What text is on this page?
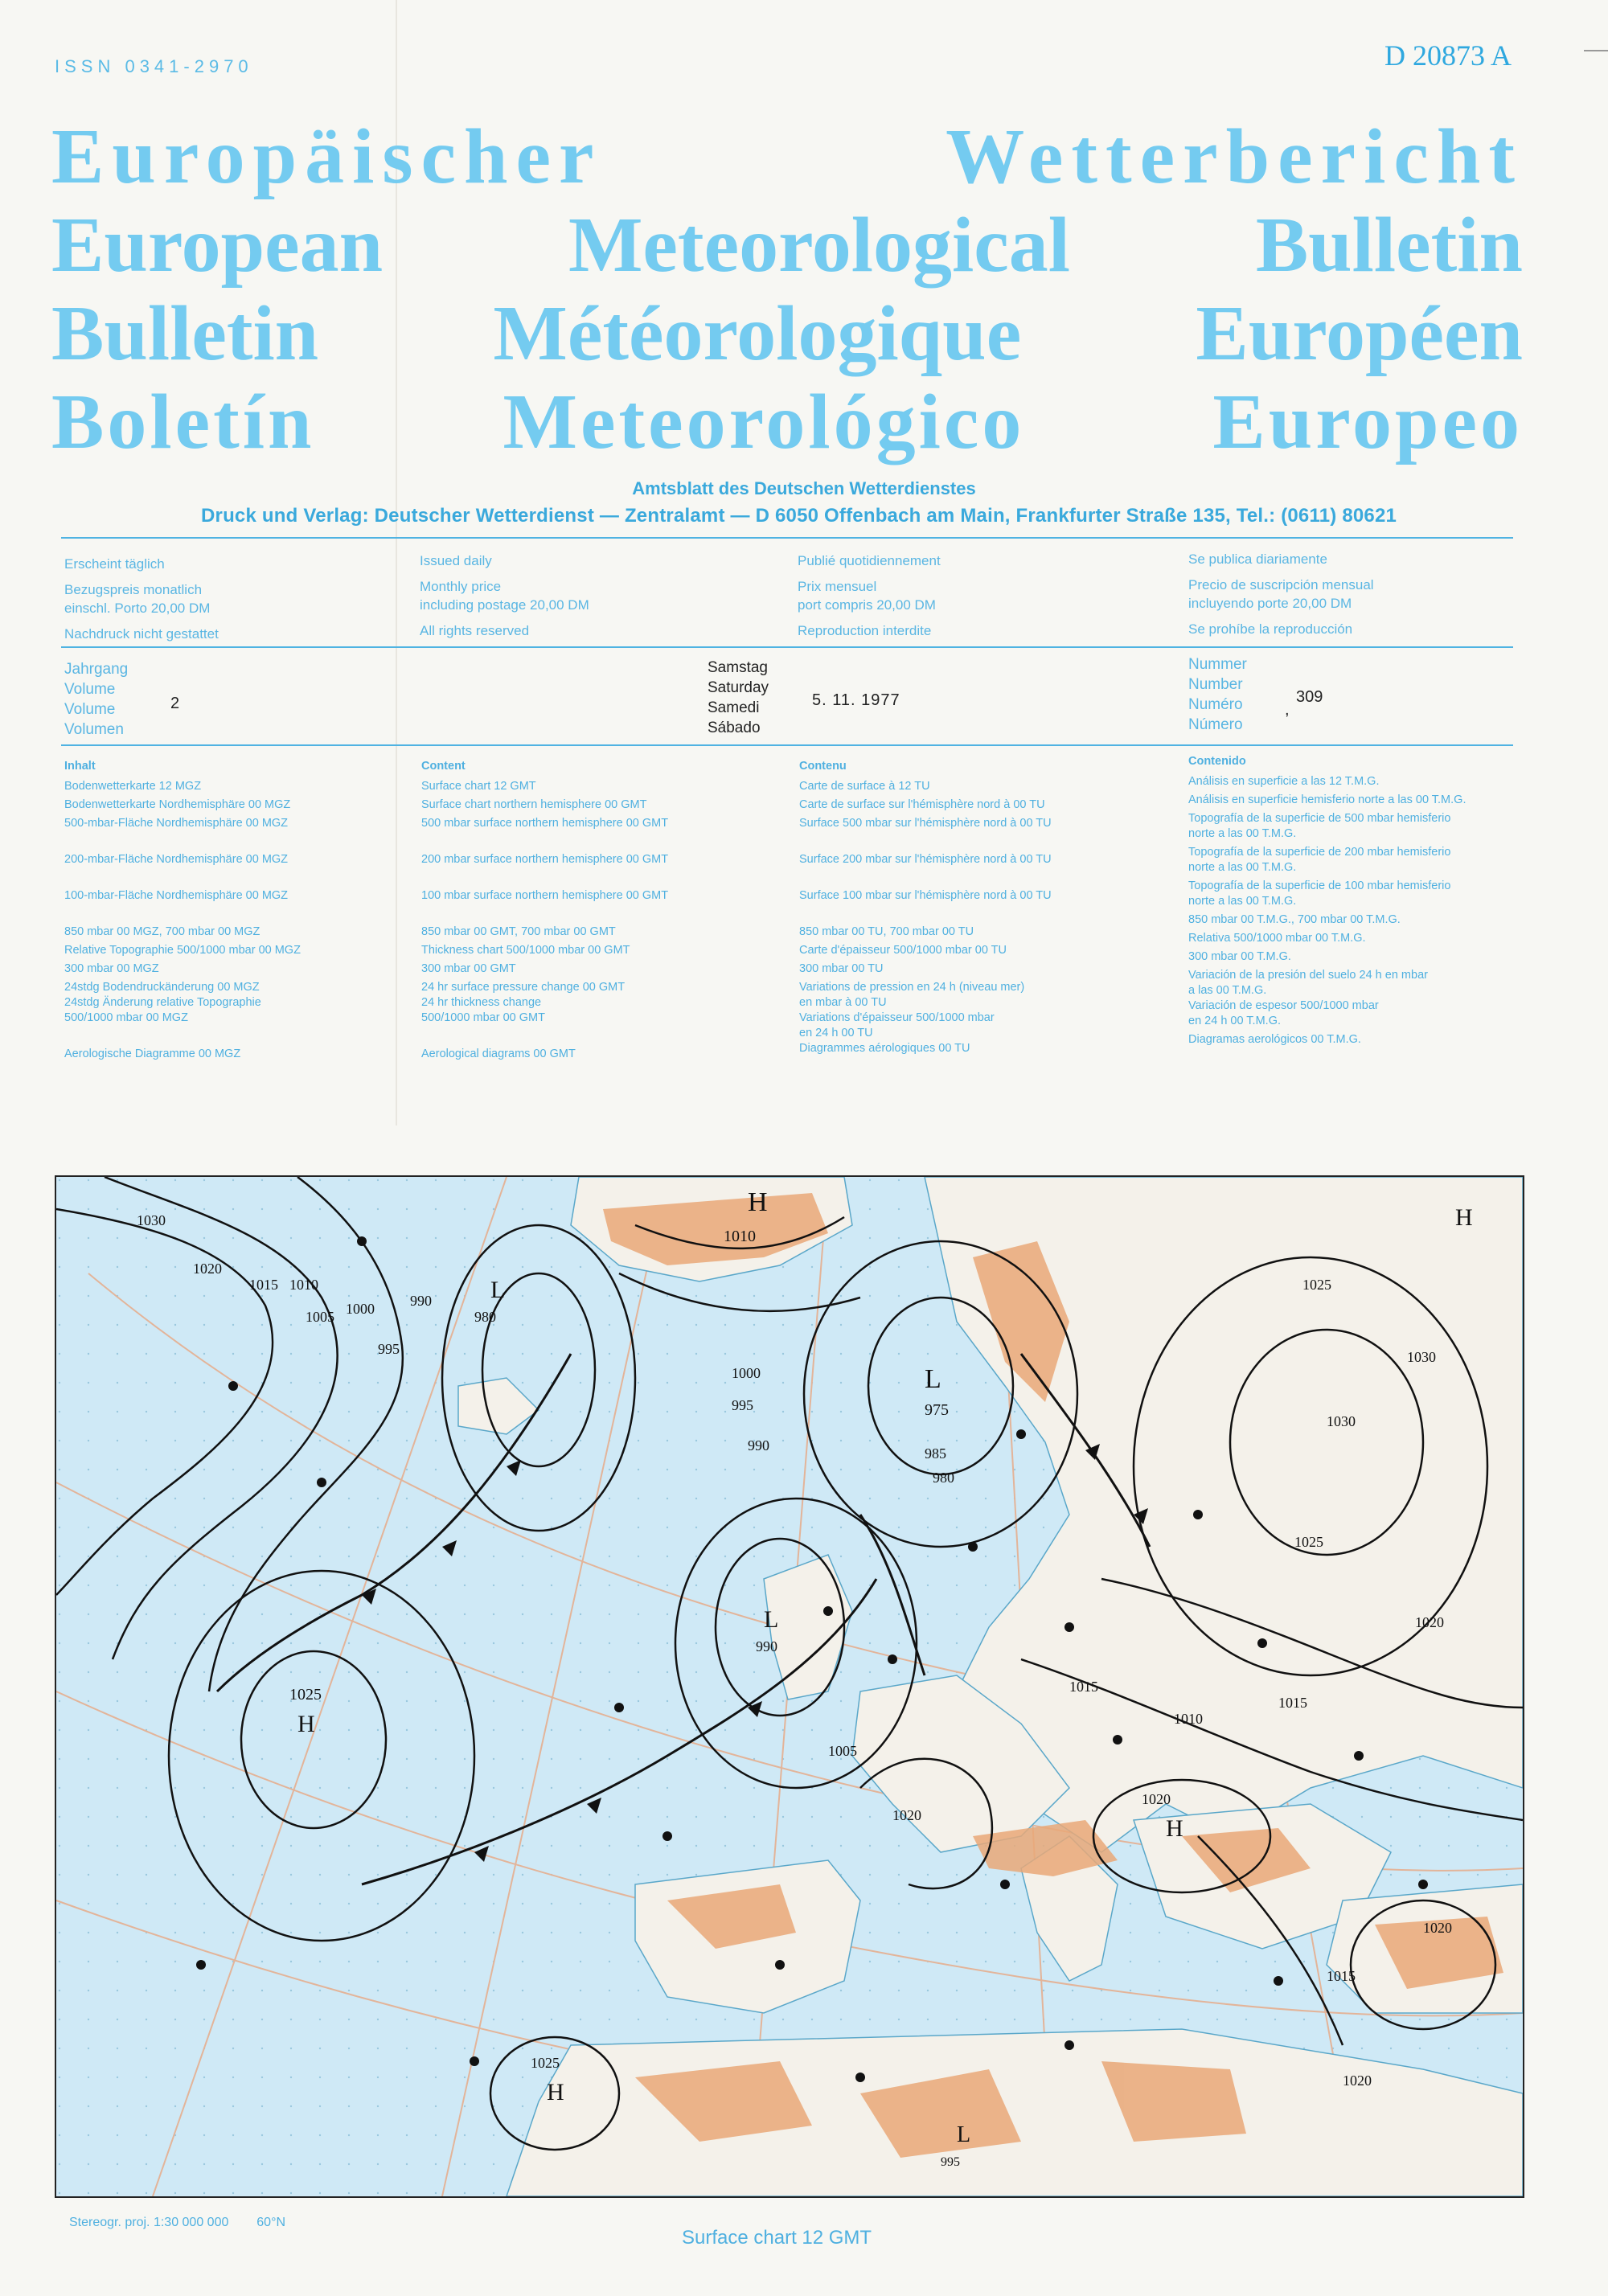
ISSN 0341-2970	D 20873 A
Europäischer	Wetterbericht
European Meteorological Bulletin
Bulletin Météorologique Européen
Boletín Meteorológico Europeo
Amtsblatt des Deutschen Wetterdienstes
Druck und Verlag: Deutscher Wetterdienst — Zentralamt — D 6050 Offenbach am Main, Frankfurter Straße 135, Tel.: (0611) 80621
Erscheint täglich
Bezugspreis monatlich
einschl. Porto 20,00 DM
Nachdruck nicht gestattet
Issued daily
Monthly price
including postage 20,00 DM
All rights reserved
Publié quotidiennement
Prix mensuel
port compris 20,00 DM
Reproduction interdite
Se publica diariamente
Precio de suscripción mensual
incluyendo porte 20,00 DM
Se prohíbe la reproducción
Jahrgang
Volume
Volume
Volumen
2
Samstag
Saturday
Samedi
Sábado
5. 11. 1977
Nummer
Number
Numéro
Número
309
,
Inhalt
Bodenwetterkarte 12 MGZ
Bodenwetterkarte Nordhemisphäre 00 MGZ
500-mbar-Fläche Nordhemisphäre 00 MGZ
200-mbar-Fläche Nordhemisphäre 00 MGZ
100-mbar-Fläche Nordhemisphäre 00 MGZ
850 mbar 00 MGZ, 700 mbar 00 MGZ
Relative Topographie 500/1000 mbar 00 MGZ
300 mbar 00 MGZ
24stdg Bodendruckänderung 00 MGZ
24stdg Änderung relative Topographie
500/1000 mbar 00 MGZ
Aerologische Diagramme 00 MGZ
Content
Surface chart 12 GMT
Surface chart northern hemisphere 00 GMT
500 mbar surface northern hemisphere 00 GMT
200 mbar surface northern hemisphere 00 GMT
100 mbar surface northern hemisphere 00 GMT
850 mbar 00 GMT, 700 mbar 00 GMT
Thickness chart 500/1000 mbar 00 GMT
300 mbar 00 GMT
24 hr surface pressure change 00 GMT
24 hr thickness change
500/1000 mbar 00 GMT
Aerological diagrams 00 GMT
Contenu
Carte de surface à 12 TU
Carte de surface sur l'hémisphère nord à 00 TU
Surface 500 mbar sur l'hémisphère nord à 00 TU
Surface 200 mbar sur l'hémisphère nord à 00 TU
Surface 100 mbar sur l'hémisphère nord à 00 TU
850 mbar 00 TU, 700 mbar 00 TU
Carte d'épaisseur 500/1000 mbar 00 TU
300 mbar 00 TU
Variations de pression en 24 h (niveau mer)
en mbar à 00 TU
Variations d'épaisseur 500/1000 mbar
en 24 h 00 TU
Diagrammes aérologiques 00 TU
Contenido
Análisis en superficie a las 12 T.M.G.
Análisis en superficie hemisferio norte a las 00 T.M.G.
Topografía de la superficie de 500 mbar hemisferio
norte a las 00 T.M.G.
Topografía de la superficie de 200 mbar hemisferio
norte a las 00 T.M.G.
Topografía de la superficie de 100 mbar hemisferio
norte a las 00 T.M.G.
850 mbar 00 T.M.G., 700 mbar 00 T.M.G.
Relativa 500/1000 mbar 00 T.M.G.
300 mbar 00 T.M.G.
Variación de la presión del suelo 24 h en mbar
a las 00 T.M.G.
Variación de espesor 500/1000 mbar
en 24 h 00 T.M.G.
Diagramas aerológicos 00 T.M.G.
H
1010
L
980
L
975
H
1025
L
990
H
1020
H
1025
H
1030
L
995
1030
1020
1015 1010
1005 1000
995
990
985
980
1025
1020
1015
1005
1000
995
990
1010
1015
1020
1025
1030
1020
1015
1020
Stereogr. proj. 1:30 000 000 60°N
Surface chart 12 GMT
